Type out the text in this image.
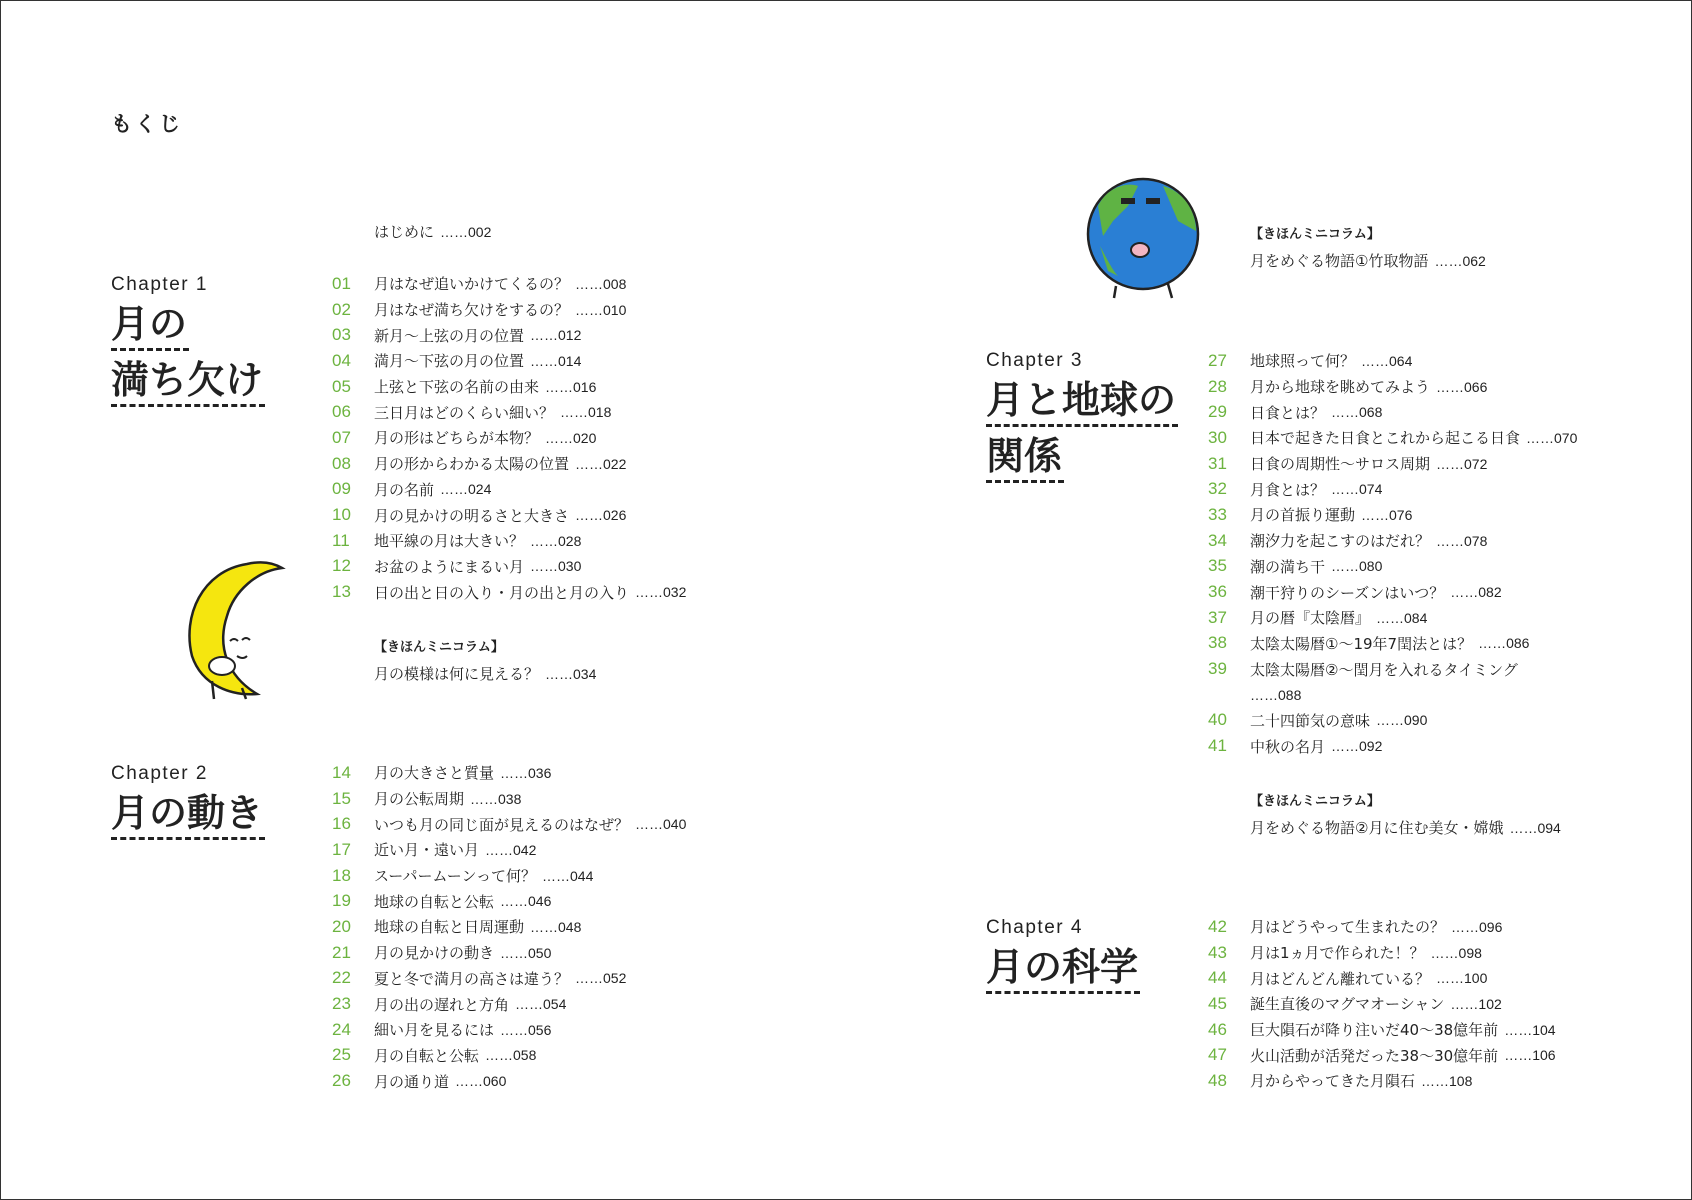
もくじ
はじめに ……002
Chapter 1
月の
満ち欠け
Chapter 2
月の動き
Chapter 3
月と地球の
関係
Chapter 4
月の科学
01	月はなぜ追いかけてくるの？ ……008
02	月はなぜ満ち欠けをするの？ ……010
03	新月～上弦の月の位置 ……012
04	満月～下弦の月の位置 ……014
05	上弦と下弦の名前の由来 ……016
06	三日月はどのくらい細い？ ……018
07	月の形はどちらが本物？ ……020
08	月の形からわかる太陽の位置 ……022
09	月の名前 ……024
10	月の見かけの明るさと大きさ ……026
11	地平線の月は大きい？ ……028
12	お盆のようにまるい月 ……030
13	日の出と日の入り・月の出と月の入り ……032
14	月の大きさと質量 ……036
15	月の公転周期 ……038
16	いつも月の同じ面が見えるのはなぜ？ ……040
17	近い月・遠い月 ……042
18	スーパームーンって何？ ……044
19	地球の自転と公転 ……046
20	地球の自転と日周運動 ……048
21	月の見かけの動き ……050
22	夏と冬で満月の高さは違う？ ……052
23	月の出の遅れと方角 ……054
24	細い月を見るには ……056
25	月の自転と公転 ……058
26	月の通り道 ……060
27	地球照って何？ ……064
28	月から地球を眺めてみよう ……066
29	日食とは？ ……068
30	日本で起きた日食とこれから起こる日食 ……070
31	日食の周期性～サロス周期 ……072
32	月食とは？ ……074
33	月の首振り運動 ……076
34	潮汐力を起こすのはだれ？ ……078
35	潮の満ち干 ……080
36	潮干狩りのシーズンはいつ？ ……082
37	月の暦『太陰暦』 ……084
38	太陰太陽暦①～19年7閏法とは？ ……086
39	太陰太陽暦②～閏月を入れるタイミング
……088
40	二十四節気の意味 ……090
41	中秋の名月 ……092
42	月はどうやって生まれたの？ ……096
43	月は1ヵ月で作られた！？ ……098
44	月はどんどん離れている？ ……100
45	誕生直後のマグマオーシャン ……102
46	巨大隕石が降り注いだ40～38億年前 ……104
47	火山活動が活発だった38～30億年前 ……106
48	月からやってきた月隕石 ……108
【きほんミニコラム】
月の模様は何に見える？ ……034
【きほんミニコラム】
月をめぐる物語①竹取物語 ……062
【きほんミニコラム】
月をめぐる物語②月に住む美女・嫦娥 ……094
